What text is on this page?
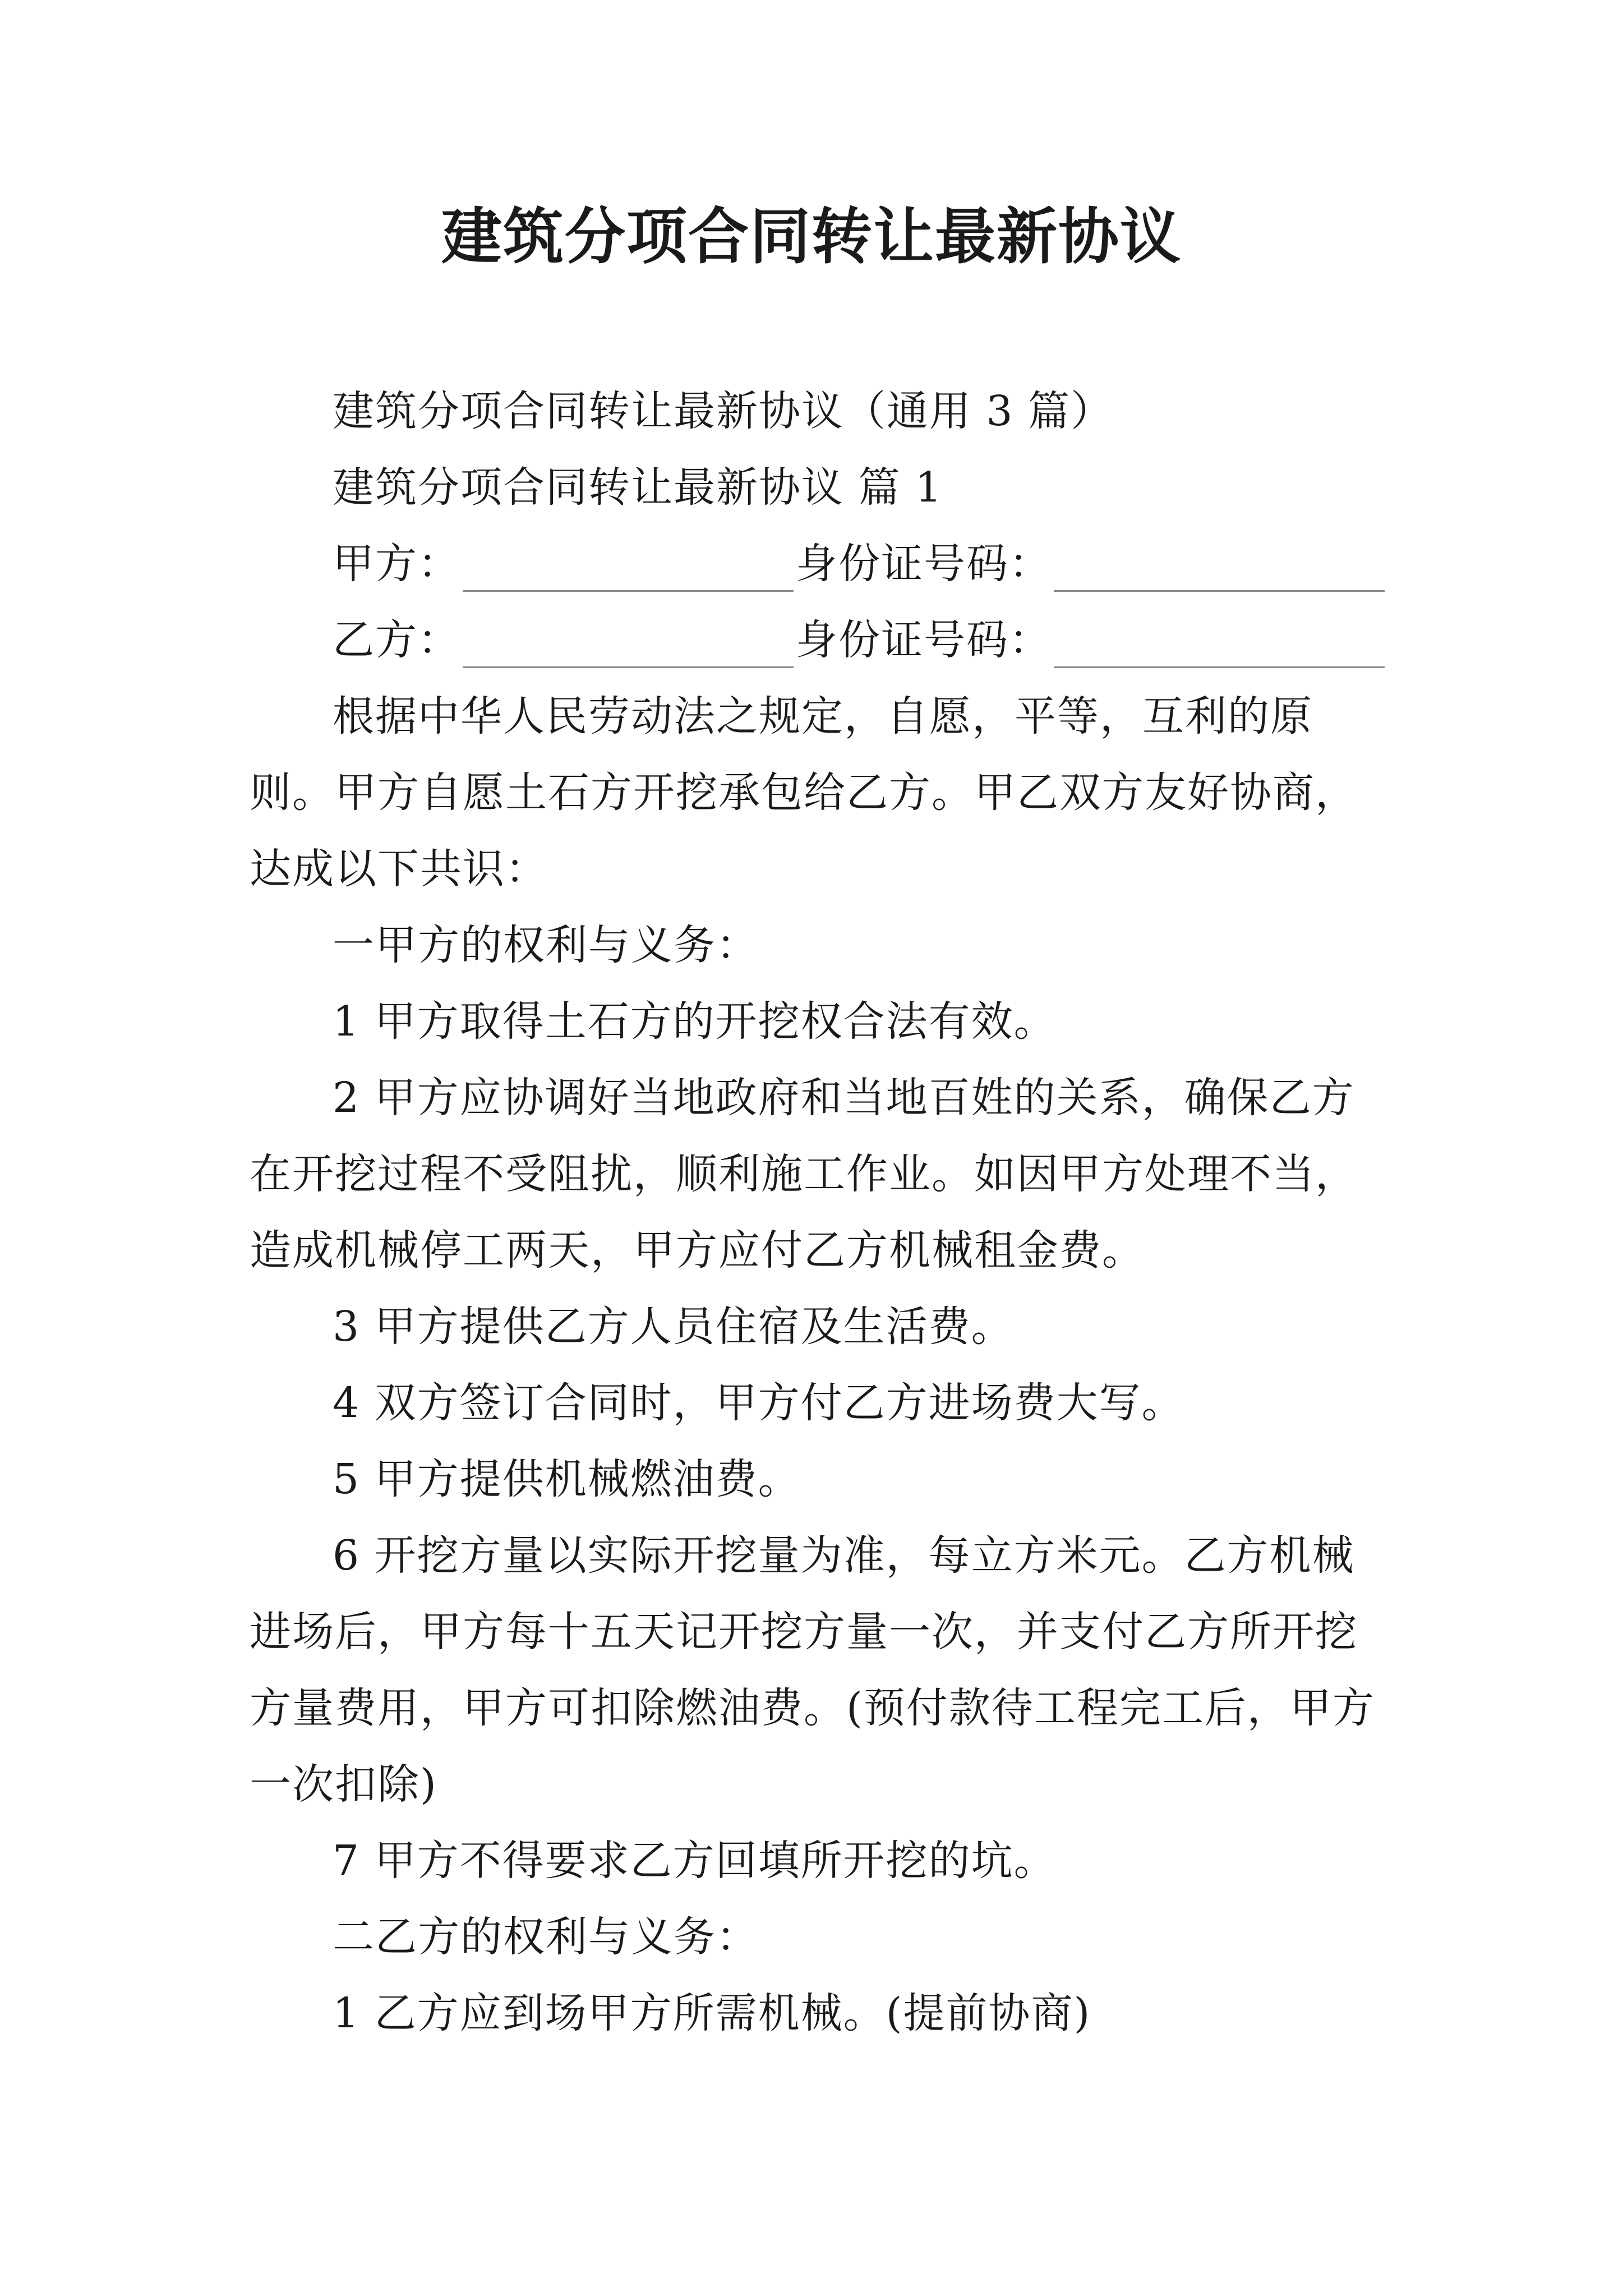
建筑分项合同转让最新协议

建筑分项合同转让最新协议（通用 3 篇）

建筑分项合同转让最新协议 篇 1

甲方：	身份证号码：
乙方：	身份证号码：

根据中华人民劳动法之规定，自愿，平等，互利的原则。甲方自愿土石方开挖承包给乙方。甲乙双方友好协商，达成以下共识：

一甲方的权利与义务：

1 甲方取得土石方的开挖权合法有效。

2 甲方应协调好当地政府和当地百姓的关系，确保乙方在开挖过程不受阻扰，顺利施工作业。如因甲方处理不当，造成机械停工两天，甲方应付乙方机械租金费。

3 甲方提供乙方人员住宿及生活费。

4 双方签订合同时，甲方付乙方进场费大写。

5 甲方提供机械燃油费。

6 开挖方量以实际开挖量为准，每立方米元。乙方机械进场后，甲方每十五天记开挖方量一次，并支付乙方所开挖方量费用，甲方可扣除燃油费。(预付款待工程完工后，甲方一次扣除)

7 甲方不得要求乙方回填所开挖的坑。

二乙方的权利与义务：

1 乙方应到场甲方所需机械。(提前协商)
